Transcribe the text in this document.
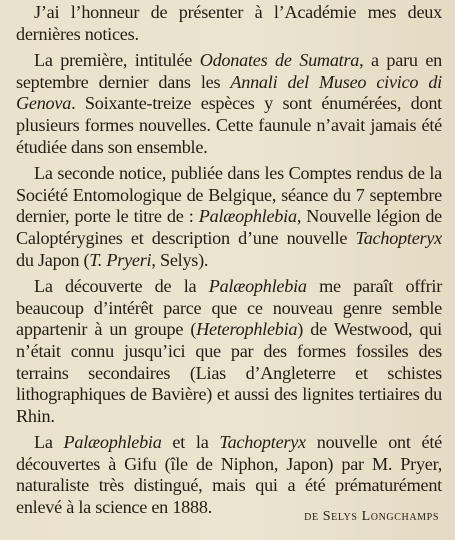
J’ai l’honneur de présenter à l’Académie mes deux dernières notices.

La première, intitulée Odonates de Sumatra, a paru en septembre dernier dans les Annali del Museo civico di Genova. Soixante-treize espèces y sont énumérées, dont plusieurs formes nouvelles. Cette faunule n’avait jamais été étudiée dans son ensemble.

La seconde notice, publiée dans les Comptes rendus de la Société Entomologique de Belgique, séance du 7 septembre dernier, porte le titre de : Palæophlebia, Nouvelle légion de Caloptérygines et description d’une nouvelle Tachopteryx du Japon (T. Pryeri, Selys).

La découverte de la Palæophlebia me paraît offrir beaucoup d’intérêt parce que ce nouveau genre semble appartenir à un groupe (Heterophlebia) de Westwood, qui n’était connu jusqu’ici que par des formes fossiles des terrains secondaires (Lias d’Angleterre et schistes lithographiques de Bavière) et aussi des lignites tertiaires du Rhin.

La Palæophlebia et la Tachopteryx nouvelle ont été découvertes à Gifu (île de Niphon, Japon) par M. Pryer, naturaliste très distingué, mais qui a été prématurément enlevé à la science en 1888.	de Selys Longchamps
